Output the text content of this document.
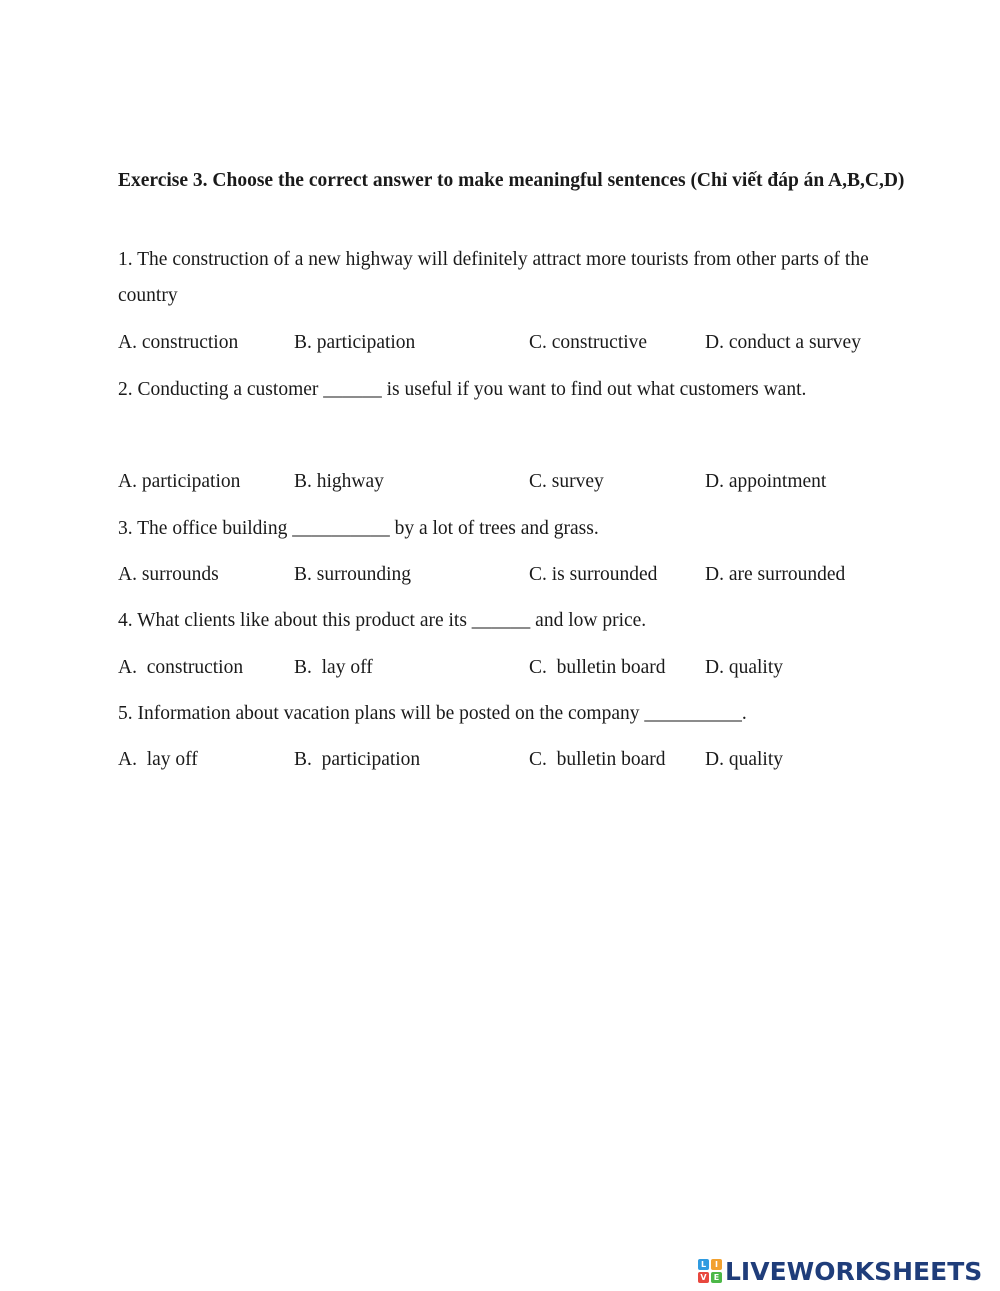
Exercise 3. Choose the correct answer to make meaningful sentences (Chỉ viết đáp án A,B,C,D)

1. The construction of a new highway will definitely attract more tourists from other parts of the country

A. construction	B. participation	C. constructive	D. conduct a survey

2. Conducting a customer ______ is useful if you want to find out what customers want.

A. participation	B. highway	C. survey	D. appointment

3. The office building __________ by a lot of trees and grass.

A. surrounds	B. surrounding	C. is surrounded D. are surrounded

4. What clients like about this product are its ______ and low price.

A.  construction	B.  lay off	C.  bulletin board D. quality

5. Information about vacation plans will be posted on the company __________.

A.  lay off	B.  participation	C.  bulletin board D. quality

L	I
V E LIVEWORKSHEETS
